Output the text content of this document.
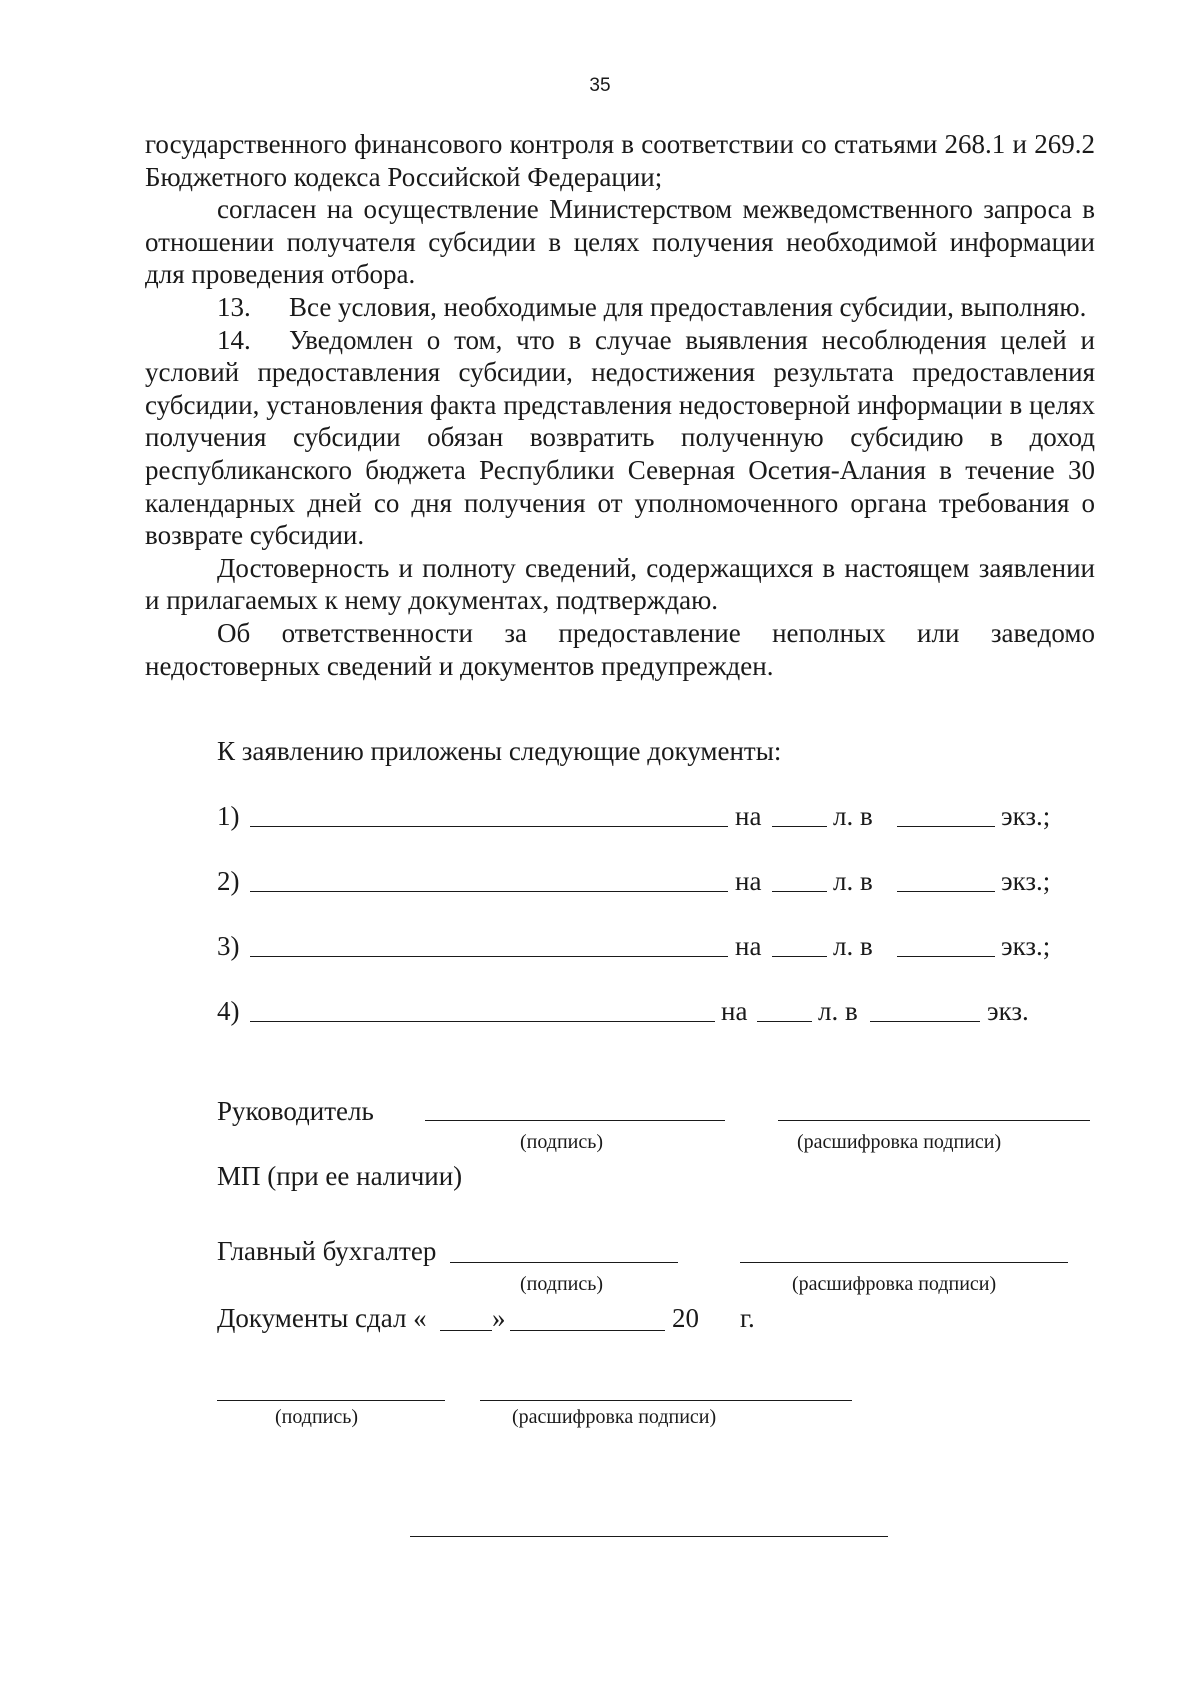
35

государственного финансового контроля в соответствии со статьями 268.1 и 269.2 Бюджетного кодекса Российской Федерации;

согласен на осуществление Министерством межведомственного запроса в отношении получателя субсидии в целях получения необходимой информации для проведения отбора.

13. Все условия, необходимые для предоставления субсидии, выполняю.

14. Уведомлен о том, что в случае выявления несоблюдения целей и условий предоставления субсидии, недостижения результата предоставления субсидии, установления факта представления недостоверной информации в целях получения субсидии обязан возвратить полученную субсидию в доход республиканского бюджета Республики Северная Осетия-Алания в течение 30 календарных дней со дня получения от уполномоченного органа требования о возврате субсидии.

Достоверность и полноту сведений, содержащихся в настоящем заявлении и прилагаемых к нему документах, подтверждаю.

Об ответственности за предоставление неполных или заведомо недостоверных сведений и документов предупрежден.

К заявлению приложены следующие документы:
1)	на	л. в	экз.;
2)	на	л. в	экз.;
3)	на	л. в	экз.;
4)	на	л. в	экз.
Руководитель
(подпись)	(расшифровка подписи)
МП (при ее наличии)
Главный бухгалтер
(подпись)	(расшифровка подписи)
Документы сдал « »	20 г.
(подпись)	(расшифровка подписи)
